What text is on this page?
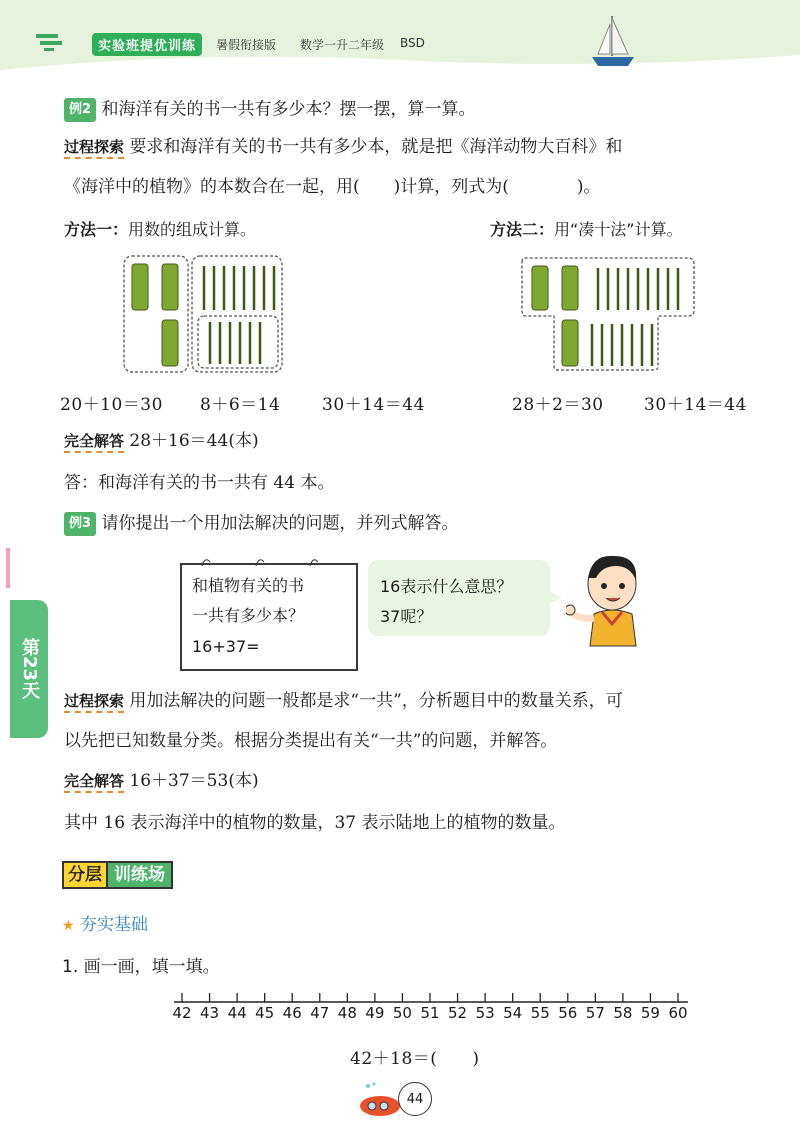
实验班提优训练	暑假衔接版 数学一升二年级 BSD
例2 和海洋有关的书一共有多少本？摆一摆，算一算。
过程探索 要求和海洋有关的书一共有多少本，就是把《海洋动物大百科》和
《海洋中的植物》的本数合在一起，用(　　)计算，列式为(　　　　)。
方法一：用数的组成计算。	方法二：用“凑十法”计算。
20＋10＝30 8＋6＝14 30＋14＝44	28＋2＝30 30＋14＝44
完全解答 28＋16＝44(本)
答：和海洋有关的书一共有 44 本。
例3 请你提出一个用加法解决的问题，并列式解答。
第23天
和植物有关的书
一共有多少本？
16+37=
16表示什么意思？
37呢？
过程探索 用加法解决的问题一般都是求“一共”，分析题目中的数量关系，可
以先把已知数量分类。根据分类提出有关“一共”的问题，并解答。
完全解答 16＋37＝53(本)
其中 16 表示海洋中的植物的数量，37 表示陆地上的植物的数量。
分层 训练场
★ 夯实基础
1. 画一画，填一填。
42 43 44 45 46 47 48 49 50 51 52 53 54 55 56 57 58 59 60
42＋18＝(　　)
44
